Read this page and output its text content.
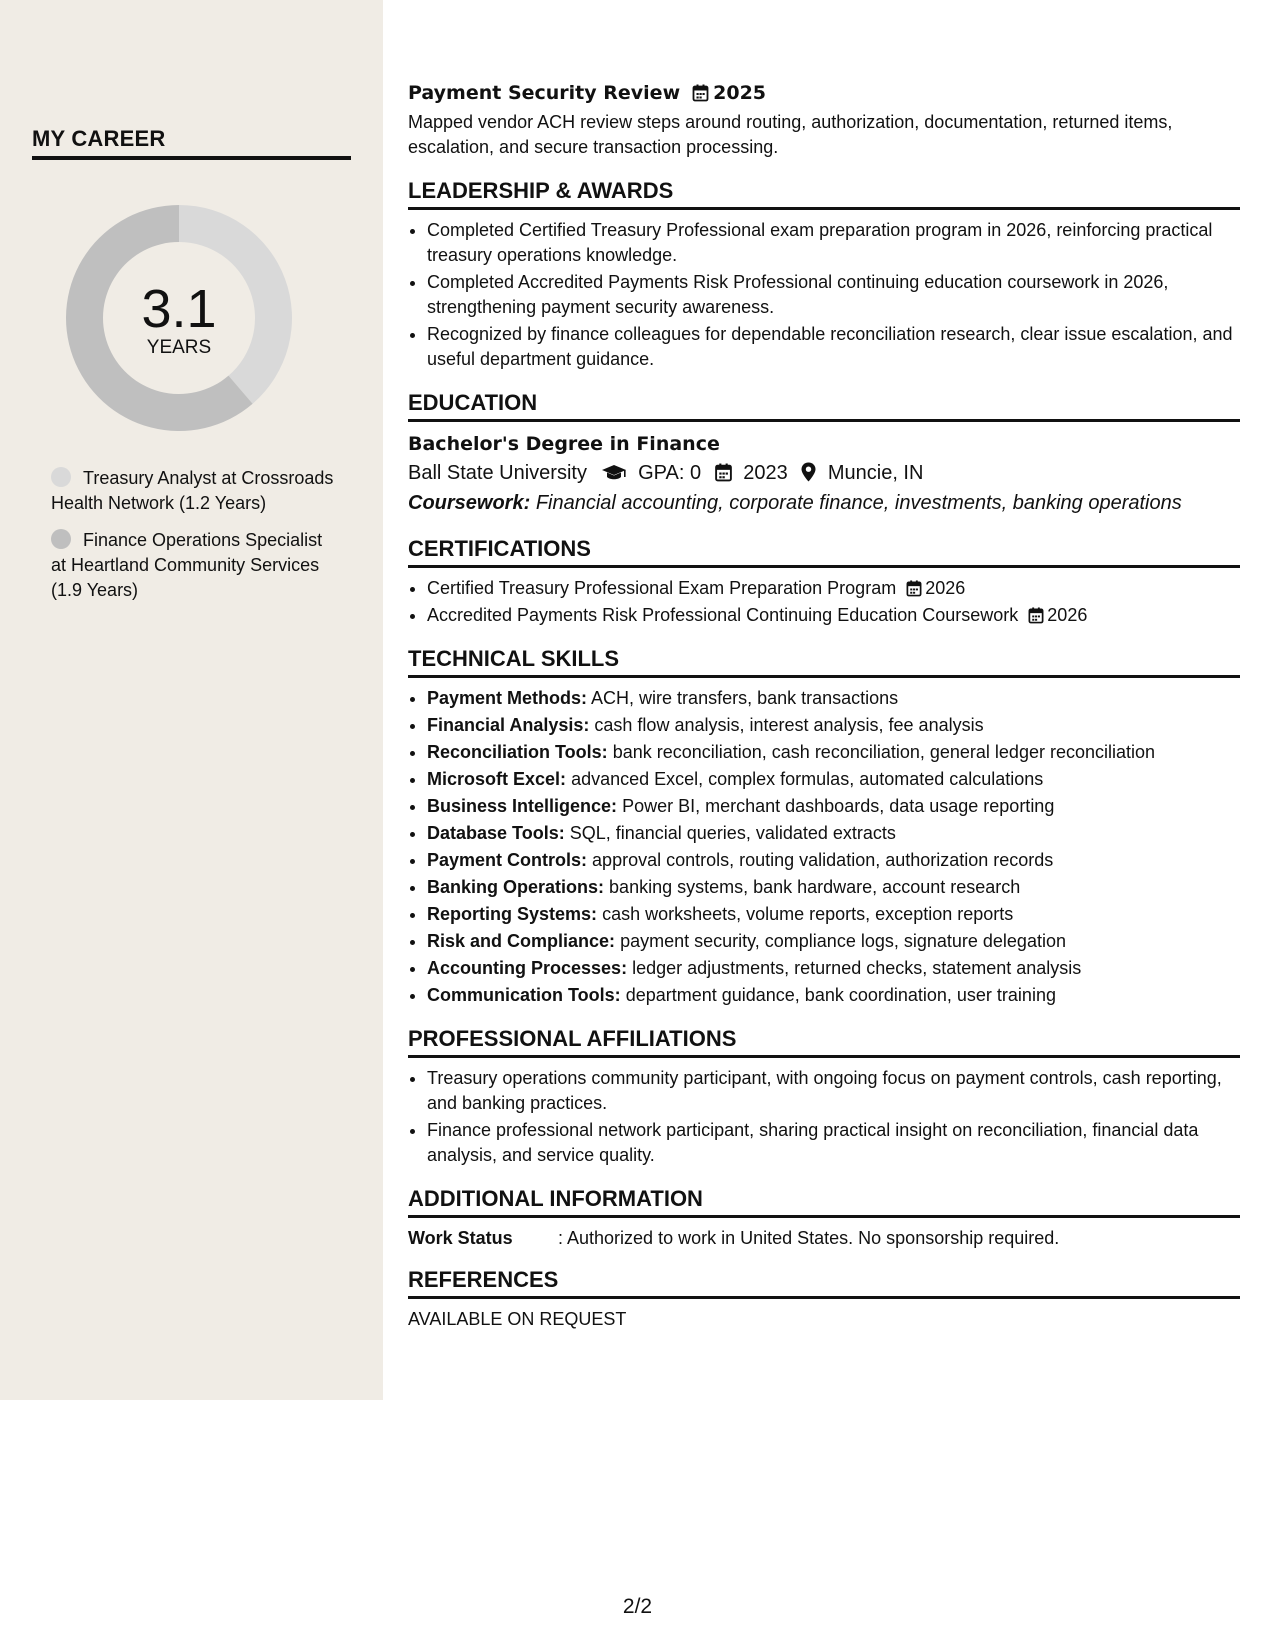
MY CAREER
3.1
YEARS
Treasury Analyst at Crossroads Health Network (1.2 Years)
Finance Operations Specialist at Heartland Community Services (1.9 Years)
Payment Security Review 2025
Mapped vendor ACH review steps around routing, authorization, documentation, returned items, escalation, and secure transaction processing.
LEADERSHIP & AWARDS
• Completed Certified Treasury Professional exam preparation program in 2026, reinforcing practical treasury operations knowledge.
• Completed Accredited Payments Risk Professional continuing education coursework in 2026, strengthening payment security awareness.
• Recognized by finance colleagues for dependable reconciliation research, clear issue escalation, and useful department guidance.
EDUCATION
Bachelor's Degree in Finance
Ball State University	GPA: 0 2023 Muncie, IN
Coursework: Financial accounting, corporate finance, investments, banking operations
CERTIFICATIONS
• Certified Treasury Professional Exam Preparation Program 2026
• Accredited Payments Risk Professional Continuing Education Coursework 2026
TECHNICAL SKILLS
• Payment Methods: ACH, wire transfers, bank transactions
• Financial Analysis: cash flow analysis, interest analysis, fee analysis
• Reconciliation Tools: bank reconciliation, cash reconciliation, general ledger reconciliation
• Microsoft Excel: advanced Excel, complex formulas, automated calculations
• Business Intelligence: Power BI, merchant dashboards, data usage reporting
• Database Tools: SQL, financial queries, validated extracts
• Payment Controls: approval controls, routing validation, authorization records
• Banking Operations: banking systems, bank hardware, account research
• Reporting Systems: cash worksheets, volume reports, exception reports
• Risk and Compliance: payment security, compliance logs, signature delegation
• Accounting Processes: ledger adjustments, returned checks, statement analysis
• Communication Tools: department guidance, bank coordination, user training
PROFESSIONAL AFFILIATIONS
• Treasury operations community participant, with ongoing focus on payment controls, cash reporting, and banking practices.
• Finance professional network participant, sharing practical insight on reconciliation, financial data analysis, and service quality.
ADDITIONAL INFORMATION
Work Status	: Authorized to work in United States. No sponsorship required.
REFERENCES
AVAILABLE ON REQUEST
2/2
